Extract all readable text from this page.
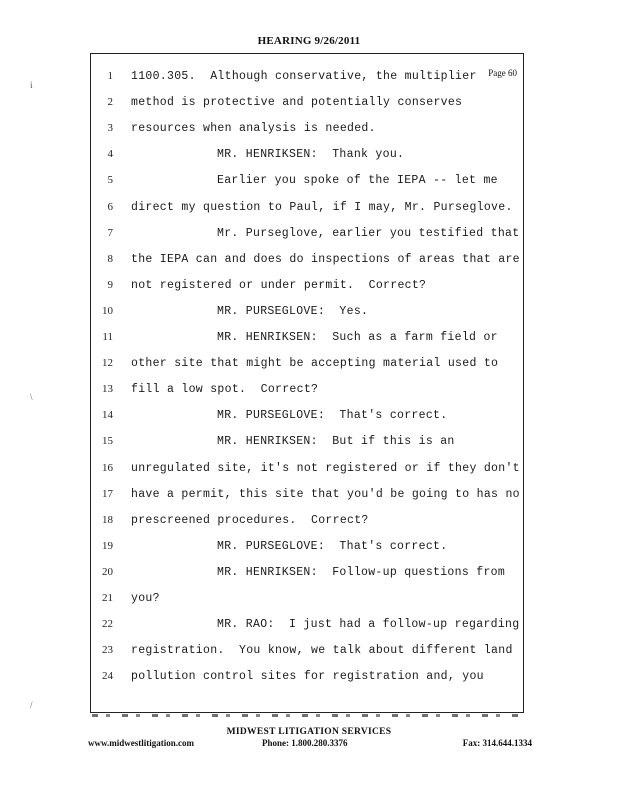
HEARING 9/26/2011
i
\
/
Page 60
1 1100.305.  Although conservative, the multiplier
2 method is protective and potentially conserves
3 resources when analysis is needed.
4	MR. HENRIKSEN:  Thank you.
5	Earlier you spoke of the IEPA -- let me
6 direct my question to Paul, if I may, Mr. Purseglove.
7	Mr. Purseglove, earlier you testified that
8 the IEPA can and does do inspections of areas that are
9 not registered or under permit.  Correct?
10	MR. PURSEGLOVE:  Yes.
11	MR. HENRIKSEN:  Such as a farm field or
12 other site that might be accepting material used to
13 fill a low spot.  Correct?
14	MR. PURSEGLOVE:  That's correct.
15	MR. HENRIKSEN:  But if this is an
16 unregulated site, it's not registered or if they don't
17 have a permit, this site that you'd be going to has no
18 prescreened procedures.  Correct?
19	MR. PURSEGLOVE:  That's correct.
20	MR. HENRIKSEN:  Follow-up questions from
21 you?
22	MR. RAO:  I just had a follow-up regarding
23 registration.  You know, we talk about different land
24 pollution control sites for registration and, you
MIDWEST LITIGATION SERVICES
www.midwestlitigation.com	Phone: 1.800.280.3376	Fax: 314.644.1334
